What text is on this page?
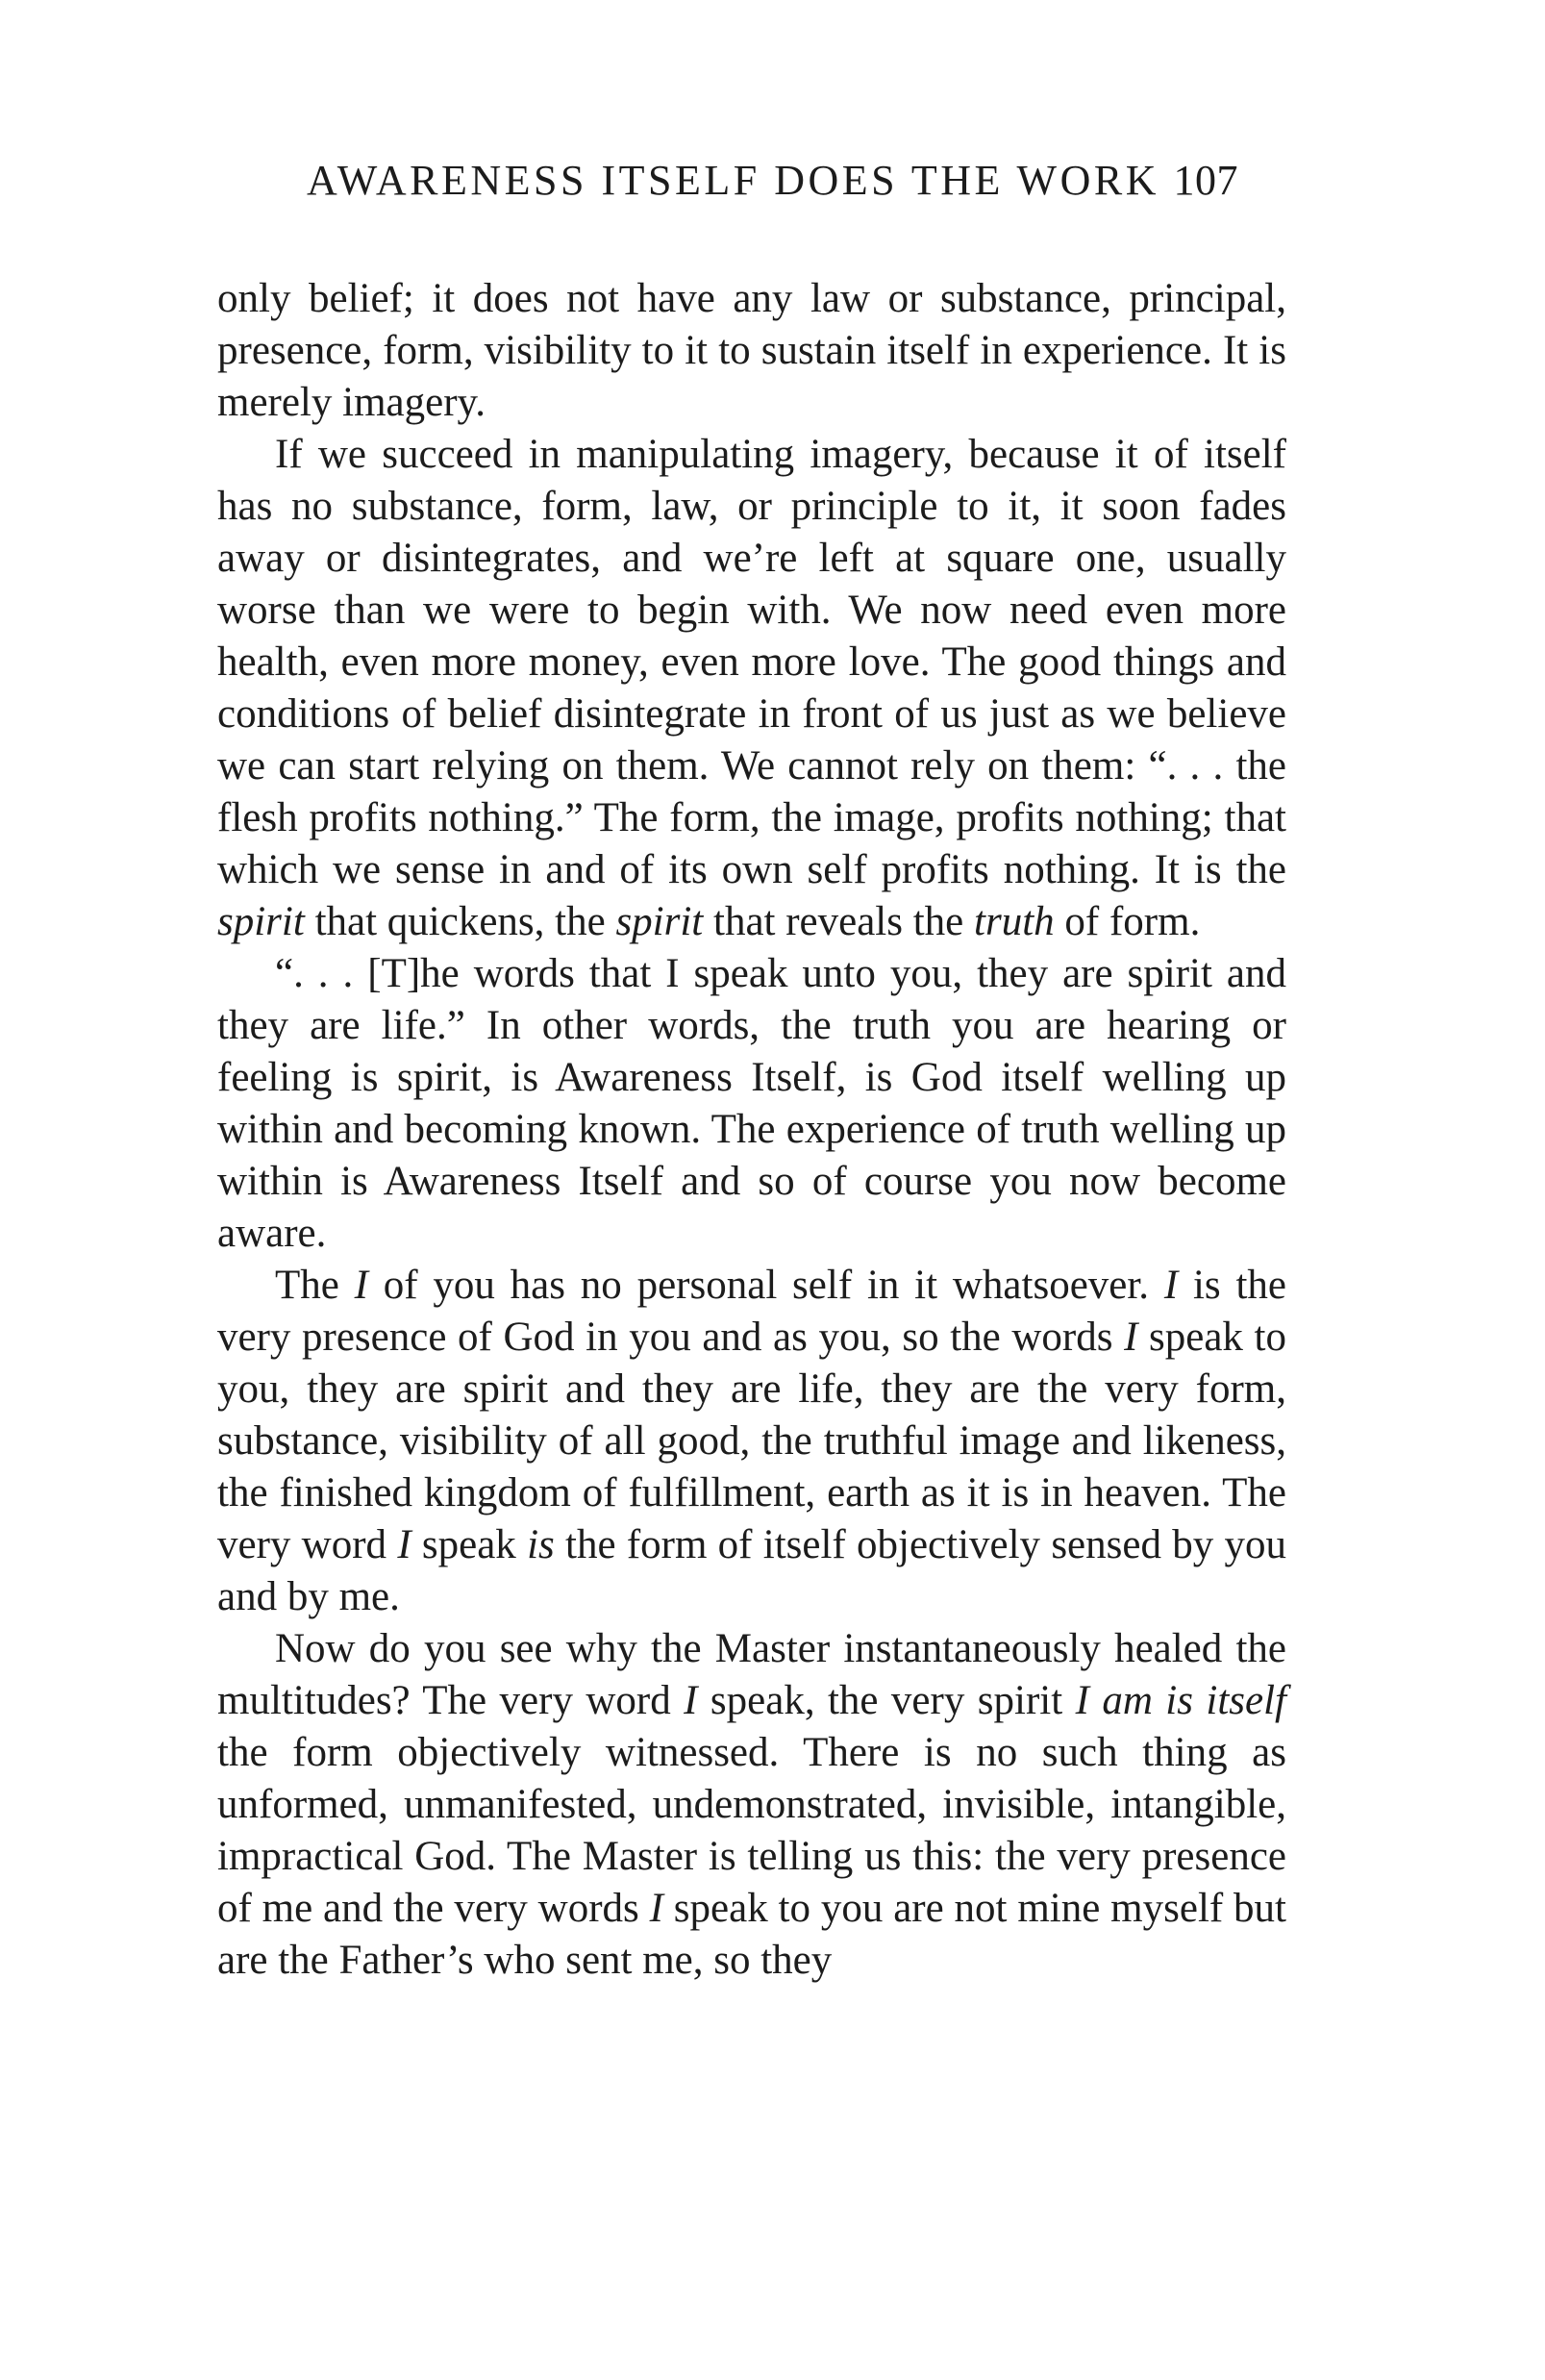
AWARENESS ITSELF DOES THE WORK 107

only belief; it does not have any law or substance, principal, presence, form, visibility to it to sustain itself in experience. It is merely imagery.

If we succeed in manipulating imagery, because it of itself has no substance, form, law, or principle to it, it soon fades away or disintegrates, and we’re left at square one, usually worse than we were to begin with. We now need even more health, even more money, even more love. The good things and conditions of belief disintegrate in front of us just as we believe we can start relying on them. We cannot rely on them: “. . . the flesh profits nothing.” The form, the image, profits nothing; that which we sense in and of its own self profits nothing. It is the spirit that quickens, the spirit that reveals the truth of form.

“. . . [T]he words that I speak unto you, they are spirit and they are life.” In other words, the truth you are hearing or feeling is spirit, is Awareness Itself, is God itself welling up within and becoming known. The experience of truth welling up within is Awareness Itself and so of course you now become aware.

The I of you has no personal self in it whatsoever. I is the very presence of God in you and as you, so the words I speak to you, they are spirit and they are life, they are the very form, substance, visibility of all good, the truthful image and likeness, the finished kingdom of fulfillment, earth as it is in heaven. The very word I speak is the form of itself objectively sensed by you and by me.

Now do you see why the Master instantaneously healed the multitudes? The very word I speak, the very spirit I am is itself the form objectively witnessed. There is no such thing as unformed, unmanifested, undemonstrated, invisible, intangible, impractical God. The Master is telling us this: the very presence of me and the very words I speak to you are not mine myself but are the Father’s who sent me, so they
